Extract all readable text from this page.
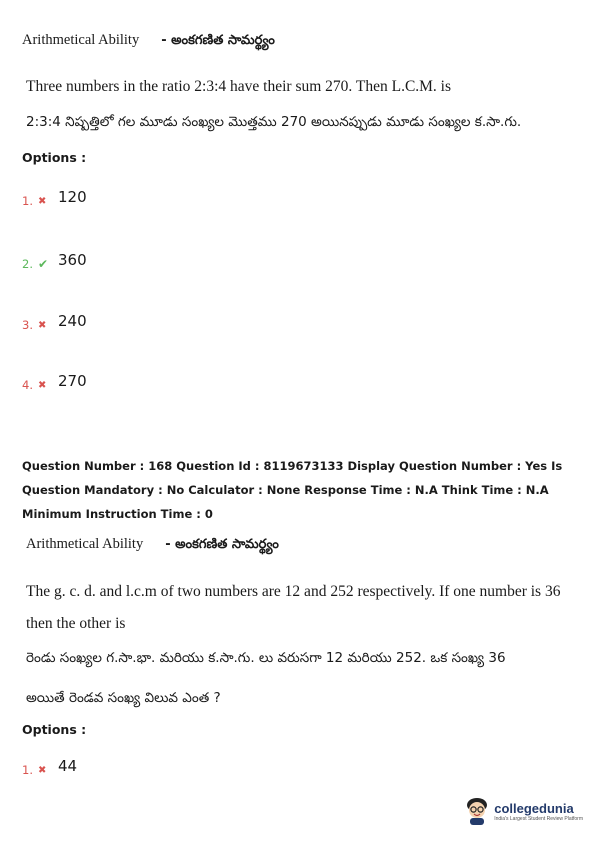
Arithmetical Ability - అంకగణిత సామర్థ్యం
Three numbers in the ratio 2:3:4 have their sum 270. Then L.C.M. is
2:3:4 నిష్పత్తిలో గల మూడు సంఖ్యల మొత్తము 270 అయినప్పుడు మూడు సంఖ్యల క.సా.గు.
Options :
1. ✖ 120
2. ✔ 360
3. ✖ 240
4. ✖ 270
Question Number : 168 Question Id : 8119673133 Display Question Number : Yes Is Question Mandatory : No Calculator : None Response Time : N.A Think Time : N.A Minimum Instruction Time : 0
Arithmetical Ability - అంకగణిత సామర్థ్యం
The g. c. d. and l.c.m of two numbers are 12 and 252 respectively. If one number is 36
then the other is
రెండు సంఖ్యల గ.సా.భా. మరియు క.సా.గు. లు వరుసగా 12 మరియు 252. ఒక సంఖ్య 36
అయితే రెండవ సంఖ్య విలువ ఎంత ?
Options :
1. ✖ 44
collegedunia
India's Largest Student Review Platform
